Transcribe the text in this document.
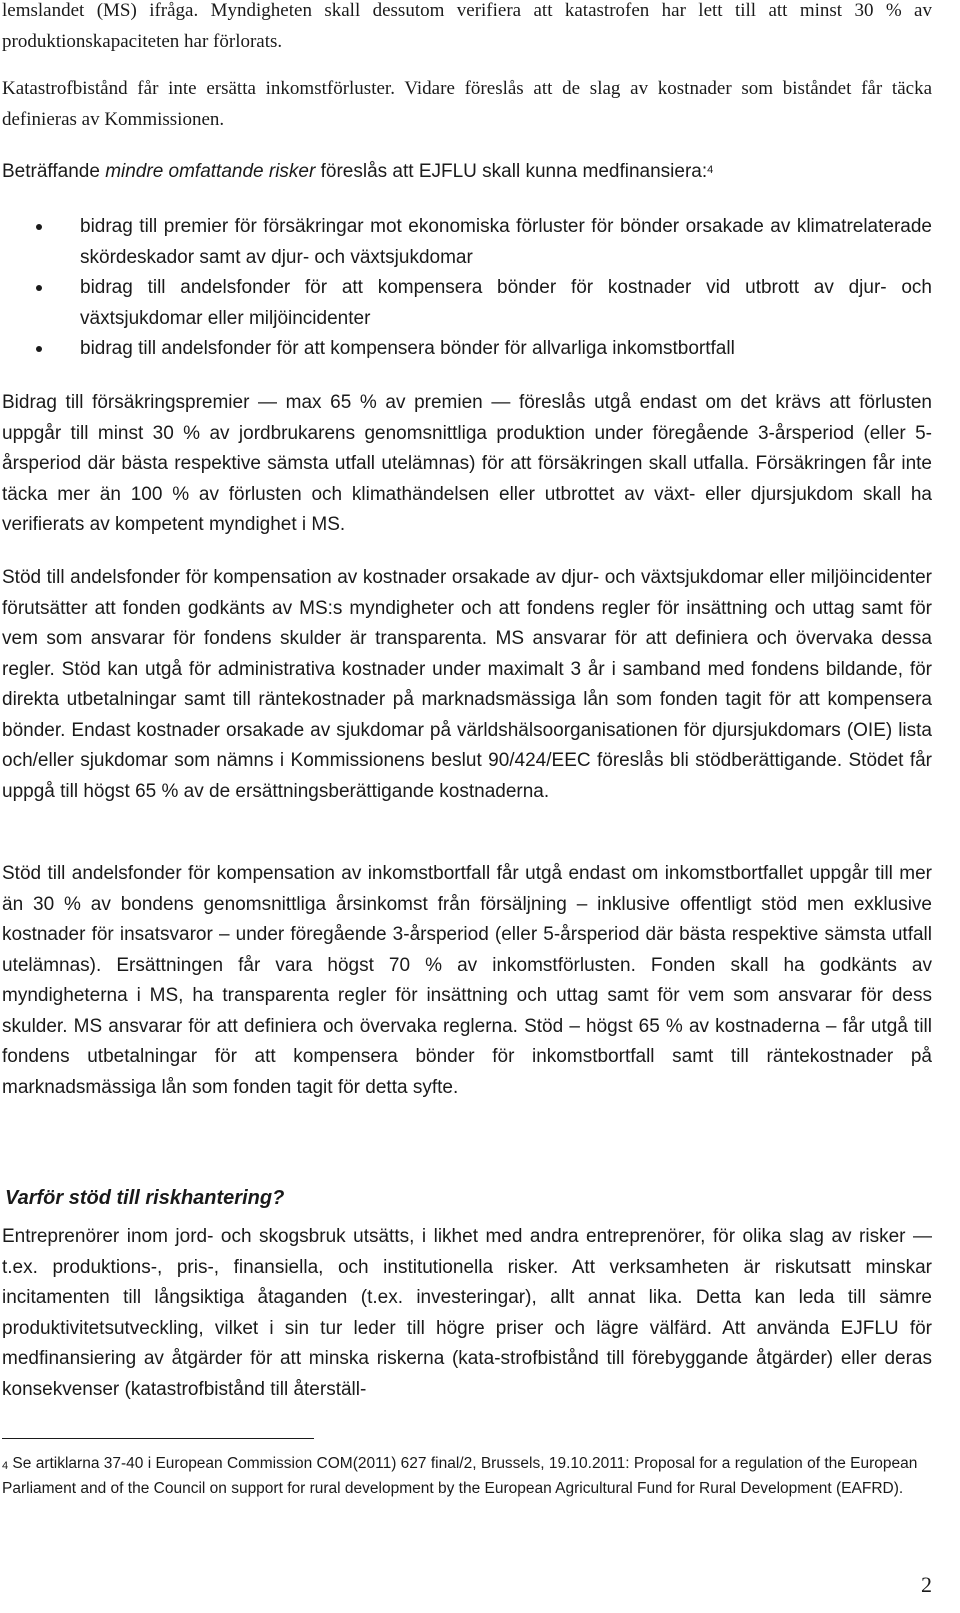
lemslandet (MS) ifråga. Myndigheten skall dessutom verifiera att katastrofen har lett till att minst 30 % av produktionskapaciteten har förlorats.

Katastrofbistånd får inte ersätta inkomstförluster. Vidare föreslås att de slag av kostnader som biståndet får täcka definieras av Kommissionen.

Beträffande mindre omfattande risker föreslås att EJFLU skall kunna medfinansiera:$^4$

bidrag till premier för försäkringar mot ekonomiska förluster för bönder orsakade av klimatrelaterade skördeskador samt av djur- och växtsjukdomar
bidrag till andelsfonder för att kompensera bönder för kostnader vid utbrott av djur- och växtsjukdomar eller miljöincidenter
bidrag till andelsfonder för att kompensera bönder för allvarliga inkomstbortfall

Bidrag till försäkringspremier — max 65 % av premien — föreslås utgå endast om det krävs att förlusten uppgår till minst 30 % av jordbrukarens genomsnittliga produktion under föregående 3-årsperiod (eller 5-årsperiod där bästa respektive sämsta utfall utelämnas) för att försäkringen skall utfalla. Försäkringen får inte täcka mer än 100 % av förlusten och klimathändelsen eller utbrottet av växt- eller djursjukdom skall ha verifierats av kompetent myndighet i MS.

Stöd till andelsfonder för kompensation av kostnader orsakade av djur- och växtsjukdomar eller miljöincidenter förutsätter att fonden godkänts av MS:s myndigheter och att fondens regler för insättning och uttag samt för vem som ansvarar för fondens skulder är transparenta. MS ansvarar för att definiera och övervaka dessa regler. Stöd kan utgå för administrativa kostnader under maximalt 3 år i samband med fondens bildande, för direkta utbetalningar samt till räntekostnader på marknadsmässiga lån som fonden tagit för att kompensera bönder. Endast kostnader orsakade av sjukdomar på världshälsoorganisationen för djursjukdomars (OIE) lista och/eller sjukdomar som nämns i Kommissionens beslut 90/424/EEC föreslås bli stödberättigande. Stödet får uppgå till högst 65 % av de ersättningsberättigande kostnaderna.

Stöd till andelsfonder för kompensation av inkomstbortfall får utgå endast om inkomstbortfallet uppgår till mer än 30 % av bondens genomsnittliga årsinkomst från försäljning – inklusive offentligt stöd men exklusive kostnader för insatsvaror – under föregående 3-årsperiod (eller 5-årsperiod där bästa respektive sämsta utfall utelämnas). Ersättningen får vara högst 70 % av inkomstförlusten. Fonden skall ha godkänts av myndigheterna i MS, ha transparenta regler för insättning och uttag samt för vem som ansvarar för dess skulder. MS ansvarar för att definiera och övervaka reglerna. Stöd – högst 65 % av kostnaderna – får utgå till fondens utbetalningar för att kompensera bönder för inkomstbortfall samt till räntekostnader på marknadsmässiga lån som fonden tagit för detta syfte.

Varför stöd till riskhantering?

Entreprenörer inom jord- och skogsbruk utsätts, i likhet med andra entreprenörer, för olika slag av risker — t.ex. produktions-, pris-, finansiella, och institutionella risker. Att verksamheten är riskutsatt minskar incitamenten till långsiktiga åtaganden (t.ex. investeringar), allt annat lika. Detta kan leda till sämre produktivitetsutveckling, vilket i sin tur leder till högre priser och lägre välfärd. Att använda EJFLU för medfinansiering av åtgärder för att minska riskerna (kata-strofbistånd till förebyggande åtgärder) eller deras konsekvenser (katastrofbistånd till återställ-

$^4$ Se artiklarna 37-40 i European Commission COM(2011) 627 final/2, Brussels, 19.10.2011: Proposal for a regulation of the European Parliament and of the Council on support for rural development by the European Agricultural Fund for Rural Development (EAFRD).

2
